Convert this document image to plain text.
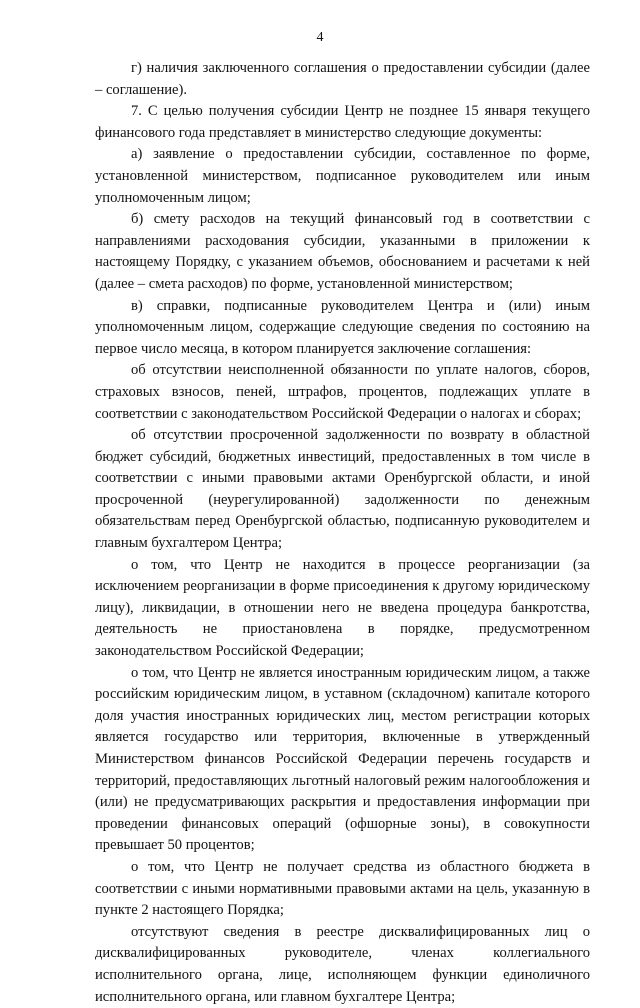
4

г) наличия заключенного соглашения о предоставлении субсидии (далее – соглашение).

7. С целью получения субсидии Центр не позднее 15 января текущего финансового года представляет в министерство следующие документы:

а) заявление о предоставлении субсидии, составленное по форме, установленной министерством, подписанное руководителем или иным уполномоченным лицом;

б) смету расходов на текущий финансовый год в соответствии с направлениями расходования субсидии, указанными в приложении к настоящему Порядку, с указанием объемов, обоснованием и расчетами к ней (далее – смета расходов) по форме, установленной министерством;

в) справки, подписанные руководителем Центра и (или) иным уполномоченным лицом, содержащие следующие сведения по состоянию на первое число месяца, в котором планируется заключение соглашения:

об отсутствии неисполненной обязанности по уплате налогов, сборов, страховых взносов, пеней, штрафов, процентов, подлежащих уплате в соответствии с законодательством Российской Федерации о налогах и сборах;

об отсутствии просроченной задолженности по возврату в областной бюджет субсидий, бюджетных инвестиций, предоставленных в том числе в соответствии с иными правовыми актами Оренбургской области, и иной просроченной (неурегулированной) задолженности по денежным обязательствам перед Оренбургской областью, подписанную руководителем и главным бухгалтером Центра;

о том, что Центр не находится в процессе реорганизации (за исключением реорганизации в форме присоединения к другому юридическому лицу), ликвидации, в отношении него не введена процедура банкротства, деятельность не приостановлена в порядке, предусмотренном законодательством Российской Федерации;

о том, что Центр не является иностранным юридическим лицом, а также российским юридическим лицом, в уставном (складочном) капитале которого доля участия иностранных юридических лиц, местом регистрации которых является государство или территория, включенные в утвержденный Министерством финансов Российской Федерации перечень государств и территорий, предоставляющих льготный налоговый режим налогообложения и (или) не предусматривающих раскрытия и предоставления информации при проведении финансовых операций (офшорные зоны), в совокупности превышает 50 процентов;

о том, что Центр не получает средства из областного бюджета в соответствии с иными нормативными правовыми актами на цель, указанную в пункте 2 настоящего Порядка;

отсутствуют сведения в реестре дисквалифицированных лиц о дисквалифицированных руководителе, членах коллегиального исполнительного органа, лице, исполняющем функции единоличного исполнительного органа, или главном бухгалтере Центра;
